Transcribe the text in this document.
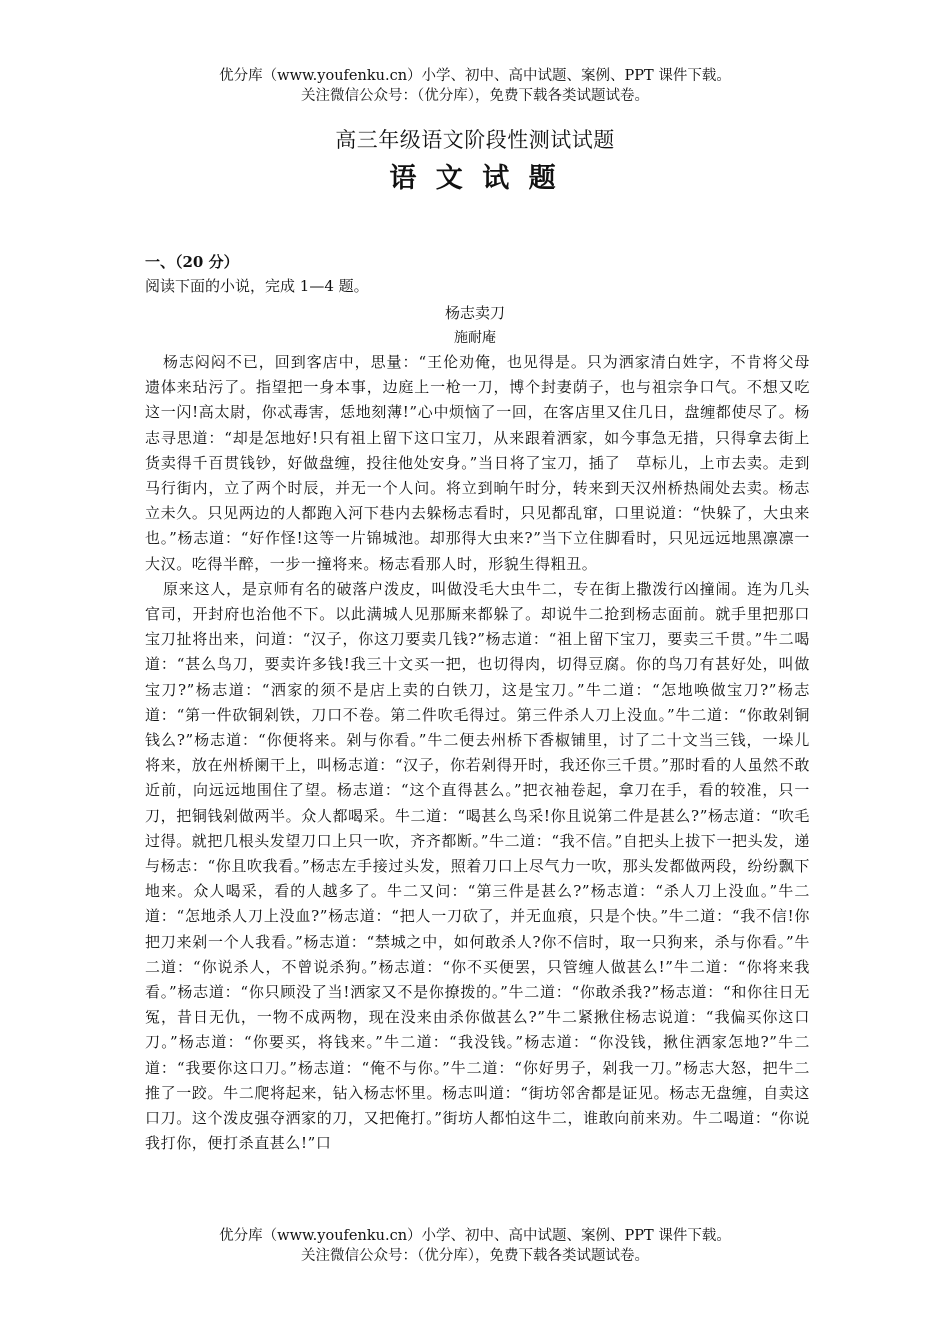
优分库（www.youfenku.cn）小学、初中、高中试题、案例、PPT 课件下载。
关注微信公众号：（优分库），免费下载各类试题试卷。
高三年级语文阶段性测试试题
语 文 试 题
一、（20 分）
阅读下面的小说，完成 1—4 题。
杨志卖刀
施耐庵

杨志闷闷不已，回到客店中，思量：“王伦劝俺，也见得是。只为洒家清白姓字，不肯将父母遗体来玷污了。指望把一身本事，边庭上一枪一刀，博个封妻荫子，也与祖宗争口气。不想又吃这一闪!高太尉，你忒毒害，恁地刻薄!”心中烦恼了一回，在客店里又住几日，盘缠都使尽了。杨志寻思道：“却是怎地好!只有祖上留下这口宝刀，从来跟着洒家，如今事急无措，只得拿去街上货卖得千百贯钱钞，好做盘缠，投往他处安身。”当日将了宝刀，插了　草标儿，上市去卖。走到马行街内，立了两个时辰，并无一个人问。将立到晌午时分，转来到天汉州桥热闹处去卖。杨志立未久。只见两边的人都跑入河下巷内去躲杨志看时，只见都乱窜，口里说道：“快躲了，大虫来也。”杨志道：“好作怪!这等一片锦城池。却那得大虫来?”当下立住脚看时，只见远远地黑凛凛一大汉。吃得半醉，一步一撞将来。杨志看那人时，形貌生得粗丑。

原来这人，是京师有名的破落户泼皮，叫做没毛大虫牛二，专在街上撒泼行凶撞闹。连为几头官司，开封府也治他不下。以此满城人见那厮来都躲了。却说牛二抢到杨志面前。就手里把那口宝刀扯将出来，问道：“汉子，你这刀要卖几钱?”杨志道：“祖上留下宝刀，要卖三千贯。”牛二喝道：“甚么鸟刀，要卖许多钱!我三十文买一把，也切得肉，切得豆腐。你的鸟刀有甚好处，叫做宝刀?”杨志道：“洒家的须不是店上卖的白铁刀，这是宝刀。”牛二道：“怎地唤做宝刀?”杨志道：“第一件砍铜剁铁，刀口不卷。第二件吹毛得过。第三件杀人刀上没血。”牛二道：“你敢剁铜钱么?”杨志道：“你便将来。剁与你看。”牛二便去州桥下香椒铺里，讨了二十文当三钱，一垛儿将来，放在州桥阑干上，叫杨志道：“汉子，你若剁得开时，我还你三千贯。”那时看的人虽然不敢近前，向远远地围住了望。杨志道：“这个直得甚么。”把衣袖卷起，拿刀在手，看的较准，只一刀，把铜钱剁做两半。众人都喝采。牛二道：“喝甚么鸟采!你且说第二件是甚么?”杨志道：“吹毛过得。就把几根头发望刀口上只一吹，齐齐都断。”牛二道：“我不信。”自把头上拔下一把头发，递与杨志：“你且吹我看。”杨志左手接过头发，照着刀口上尽气力一吹，那头发都做两段，纷纷飘下地来。众人喝采，看的人越多了。牛二又问：“第三件是甚么?”杨志道：“杀人刀上没血。”牛二道：“怎地杀人刀上没血?”杨志道：“把人一刀砍了，并无血痕，只是个快。”牛二道：“我不信!你把刀来剁一个人我看。”杨志道：“禁城之中，如何敢杀人?你不信时，取一只狗来，杀与你看。”牛二道：“你说杀人，不曾说杀狗。”杨志道：“你不买便罢，只管缠人做甚么!”牛二道：“你将来我看。”杨志道：“你只顾没了当!洒家又不是你撩拨的。”牛二道：“你敢杀我?”杨志道：“和你往日无冤，昔日无仇，一物不成两物，现在没来由杀你做甚么?”牛二紧揪住杨志说道：“我偏买你这口刀。”杨志道：“你要买，将钱来。”牛二道：“我没钱。”杨志道：“你没钱，揪住洒家怎地?”牛二道：“我要你这口刀。”杨志道：“俺不与你。”牛二道：“你好男子，剁我一刀。”杨志大怒，把牛二推了一跤。牛二爬将起来，钻入杨志怀里。杨志叫道：“街坊邻舍都是证见。杨志无盘缠，自卖这口刀。这个泼皮强夺洒家的刀，又把俺打。”街坊人都怕这牛二，谁敢向前来劝。牛二喝道：“你说我打你，便打杀直甚么!”口

优分库（www.youfenku.cn）小学、初中、高中试题、案例、PPT 课件下载。
关注微信公众号：（优分库），免费下载各类试题试卷。
